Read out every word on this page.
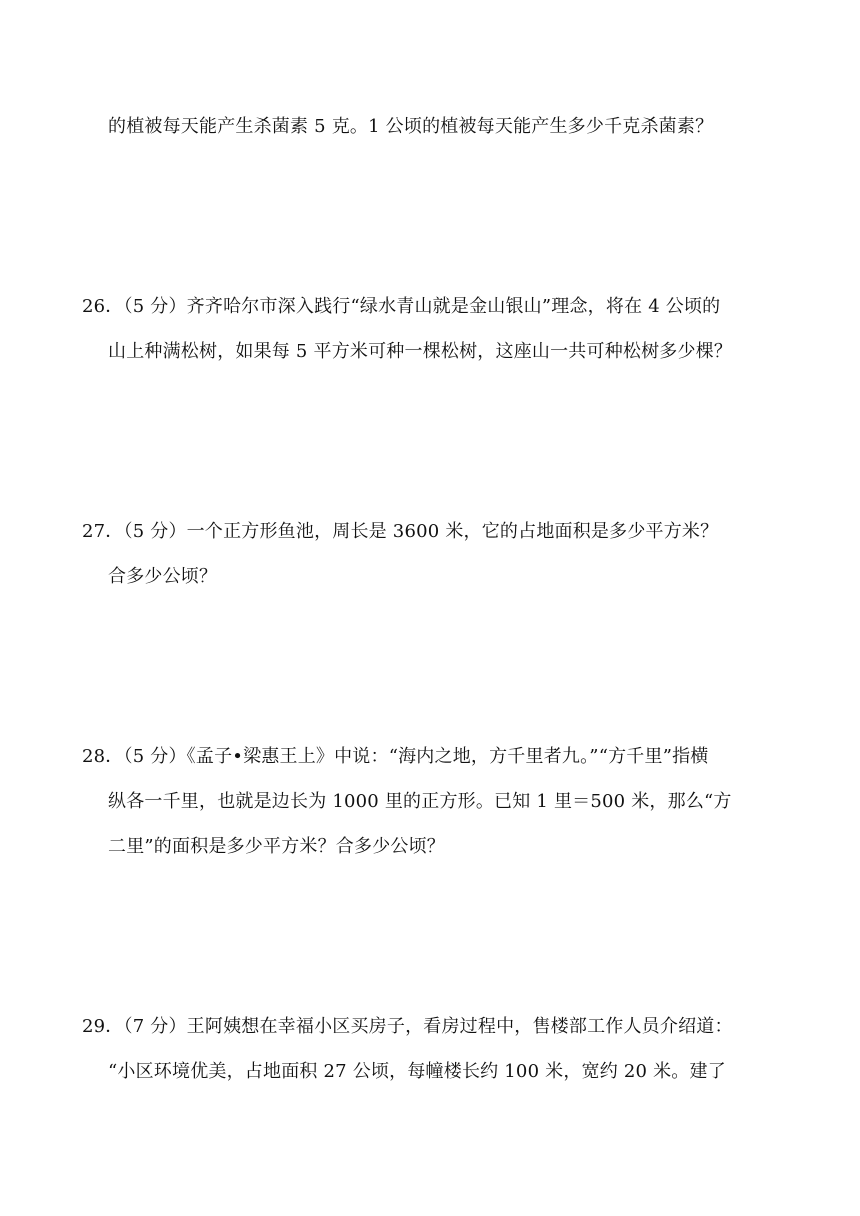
的植被每天能产生杀菌素 5 克。1 公顷的植被每天能产生多少千克杀菌素？
26．（5 分）齐齐哈尔市深入践行“绿水青山就是金山银山”理念，将在 4 公顷的
山上种满松树，如果每 5 平方米可种一棵松树，这座山一共可种松树多少棵？
27．（5 分）一个正方形鱼池，周长是 3600 米，它的占地面积是多少平方米？
合多少公顷？
28．（5 分）《孟子•梁惠王上》中说：“海内之地，方千里者九。”“方千里”指横
纵各一千里，也就是边长为 1000 里的正方形。已知 1 里＝500 米，那么“方
二里”的面积是多少平方米？合多少公顷？
29．（7 分）王阿姨想在幸福小区买房子，看房过程中，售楼部工作人员介绍道：
“小区环境优美，占地面积 27 公顷，每幢楼长约 100 米，宽约 20 米。建了
